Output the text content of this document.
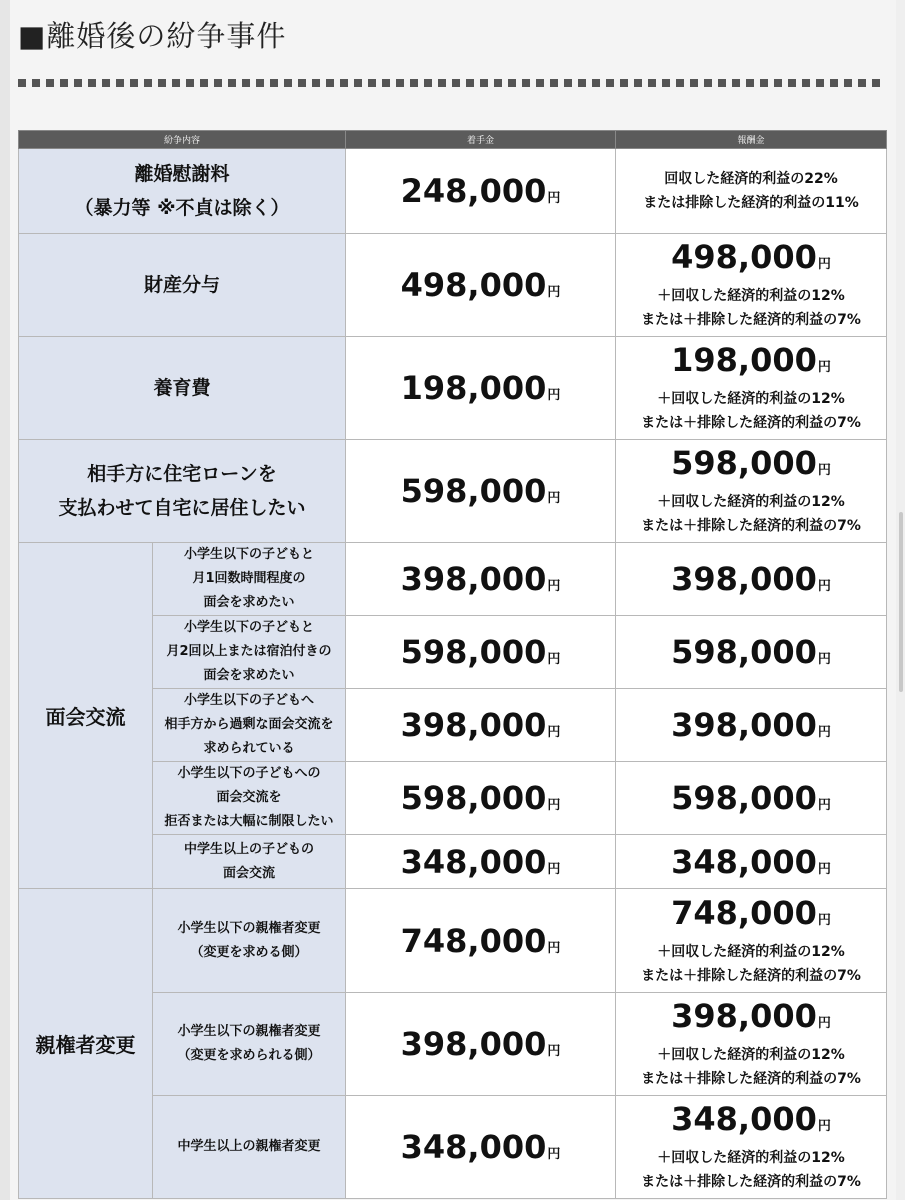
■離婚後の紛争事件
紛争内容		着手金	報酬金

離婚慰謝料
（暴力等 ※不貞は除く）		248,000円	回収した経済的利益の22%
または排除した経済的利益の11%

財産分与		498,000円	498,000円
＋回収した経済的利益の12%
または＋排除した経済的利益の7%

養育費		198,000円	198,000円
＋回収した経済的利益の12%
または＋排除した経済的利益の7%

相手方に住宅ローンを
支払わせて自宅に居住したい		598,000円	598,000円
＋回収した経済的利益の12%
または＋排除した経済的利益の7%

面会交流	小学生以下の子どもと
月1回数時間程度の
面会を求めたい	398,000円	398,000円

	小学生以下の子どもと
月2回以上または宿泊付きの
面会を求めたい	598,000円	598,000円

	小学生以下の子どもへ
相手方から過剰な面会交流を
求められている	398,000円	398,000円

	小学生以下の子どもへの
面会交流を
拒否または大幅に制限したい	598,000円	598,000円

	中学生以上の子どもの
面会交流	348,000円	348,000円
親権者変更	小学生以下の親権者変更
（変更を求める側）	748,000円	748,000円
＋回収した経済的利益の12%
または＋排除した経済的利益の7%

	小学生以下の親権者変更
（変更を求められる側）	398,000円	398,000円
＋回収した経済的利益の12%
または＋排除した経済的利益の7%

	中学生以上の親権者変更	348,000円	348,000円
＋回収した経済的利益の12%
または＋排除した経済的利益の7%
